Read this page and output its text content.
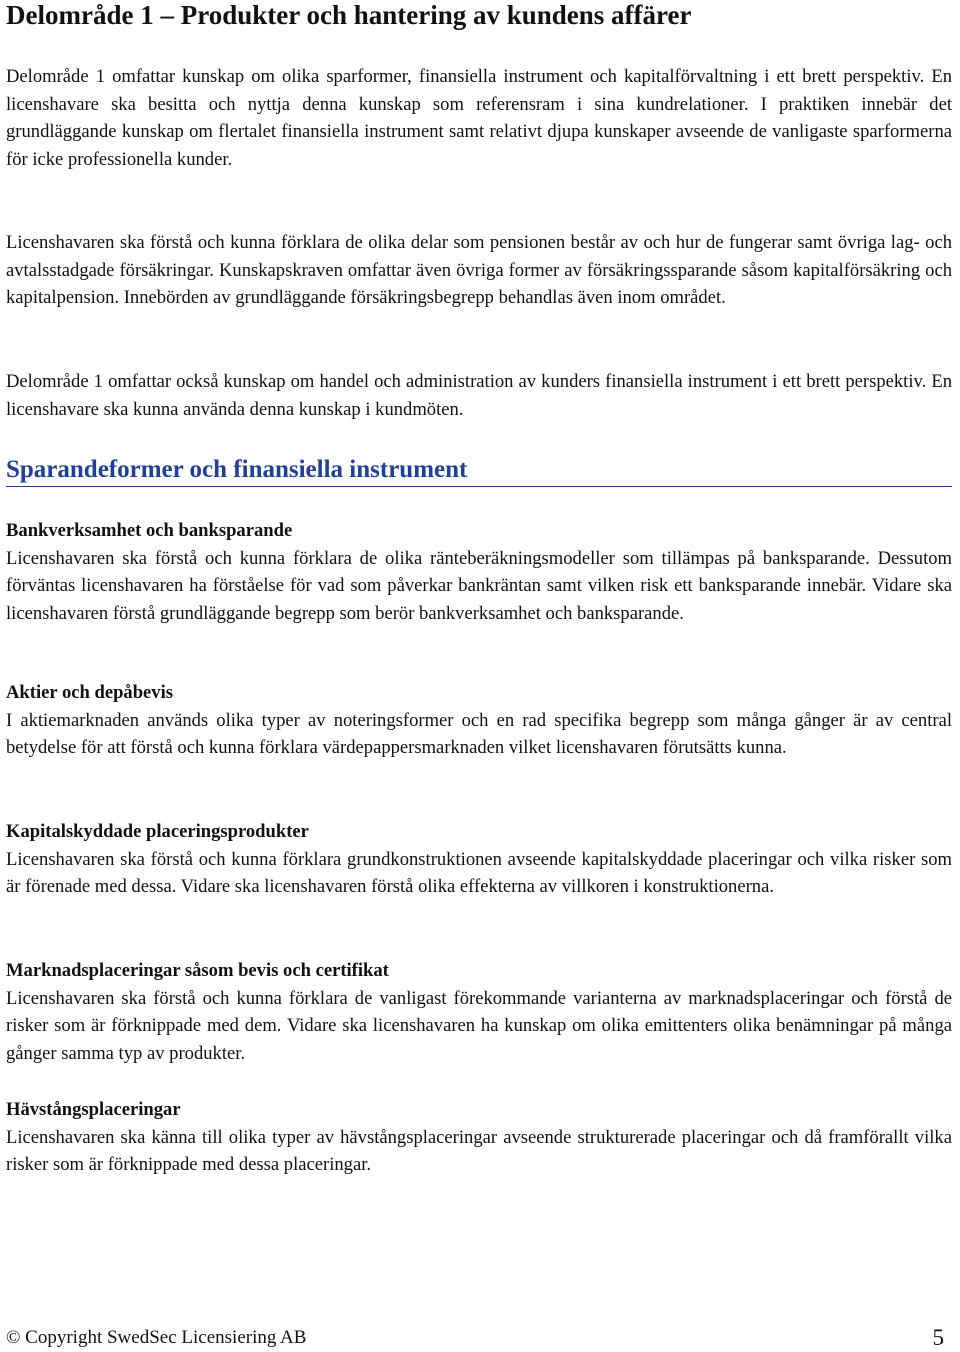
Delområde 1 – Produkter och hantering av kundens affärer

Delområde 1 omfattar kunskap om olika sparformer, finansiella instrument och kapitalförvaltning i ett brett perspektiv. En licenshavare ska besitta och nyttja denna kunskap som referensram i sina kundrelationer. I praktiken innebär det grundläggande kunskap om flertalet finansiella instrument samt relativt djupa kunskaper avseende de vanligaste sparformerna för icke professionella kunder.

Licenshavaren ska förstå och kunna förklara de olika delar som pensionen består av och hur de fungerar samt övriga lag- och avtalsstadgade försäkringar. Kunskapskraven omfattar även övriga former av försäkringssparande såsom kapitalförsäkring och kapitalpension. Innebörden av grundläggande försäkringsbegrepp behandlas även inom området.

Delområde 1 omfattar också kunskap om handel och administration av kunders finansiella instrument i ett brett perspektiv. En licenshavare ska kunna använda denna kunskap i kundmöten.

Sparandeformer och finansiella instrument
Bankverksamhet och banksparande
Licenshavaren ska förstå och kunna förklara de olika ränteberäkningsmodeller som tillämpas på banksparande. Dessutom förväntas licenshavaren ha förståelse för vad som påverkar bankräntan samt vilken risk ett banksparande innebär. Vidare ska licenshavaren förstå grundläggande begrepp som berör bankverksamhet och banksparande.
Aktier och depåbevis
I aktiemarknaden används olika typer av noteringsformer och en rad specifika begrepp som många gånger är av central betydelse för att förstå och kunna förklara värdepappersmarknaden vilket licenshavaren förutsätts kunna.
Kapitalskyddade placeringsprodukter
Licenshavaren ska förstå och kunna förklara grundkonstruktionen avseende kapitalskyddade placeringar och vilka risker som är förenade med dessa. Vidare ska licenshavaren förstå olika effekterna av villkoren i konstruktionerna.
Marknadsplaceringar såsom bevis och certifikat
Licenshavaren ska förstå och kunna förklara de vanligast förekommande varianterna av marknadsplaceringar och förstå de risker som är förknippade med dem. Vidare ska licenshavaren ha kunskap om olika emittenters olika benämningar på många gånger samma typ av produkter.
Hävstångsplaceringar
Licenshavaren ska känna till olika typer av hävstångsplaceringar avseende strukturerade placeringar och då framförallt vilka risker som är förknippade med dessa placeringar.
© Copyright SwedSec Licensiering AB	5
